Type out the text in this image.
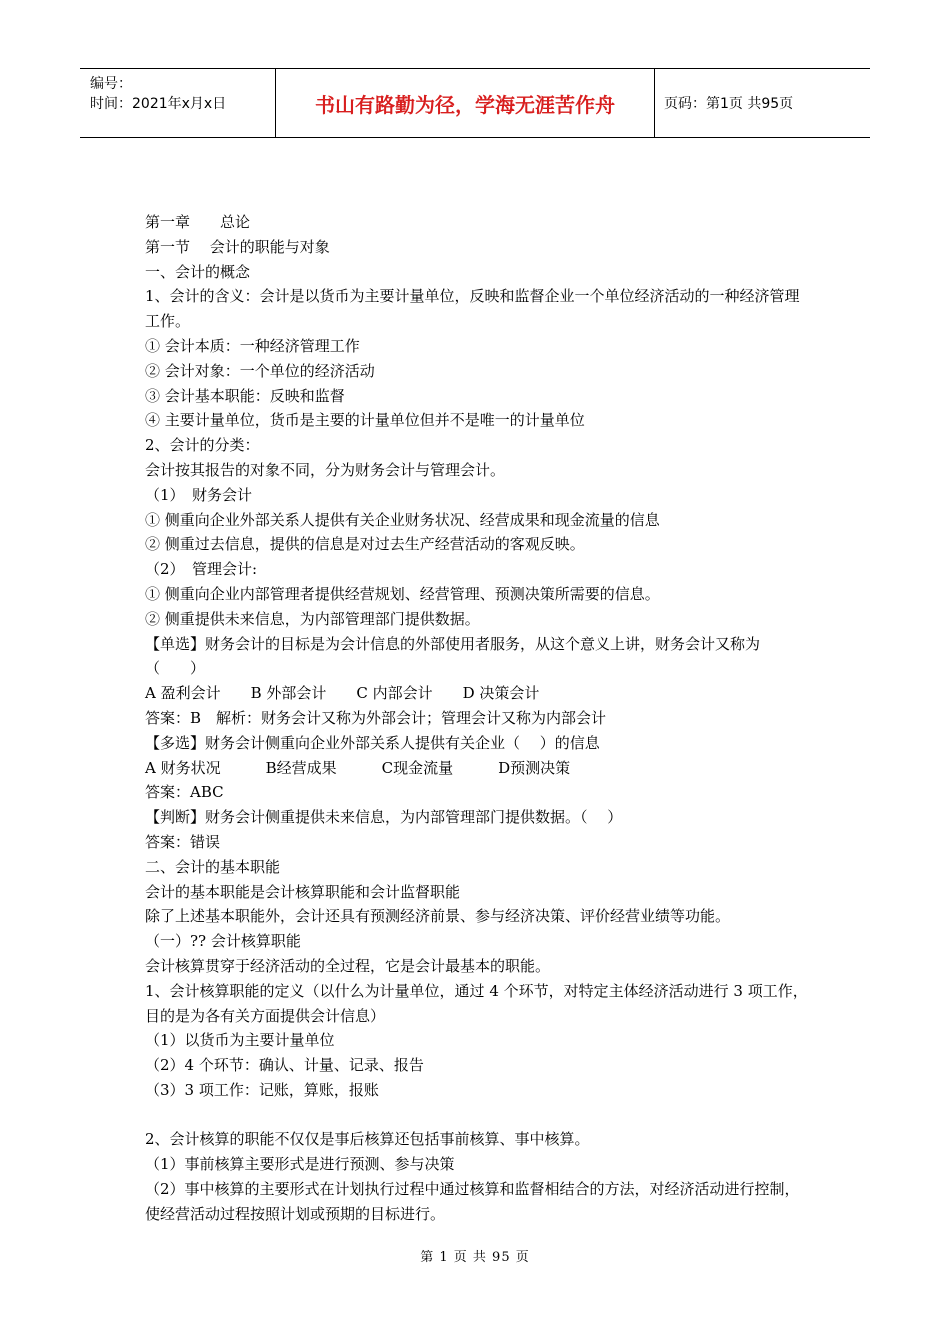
编号：
时间：2021年x月x日	书山有路勤为径，学海无涯苦作舟	页码：第1页 共95页
第一章　　总论
第一节　 会计的职能与对象
一、会计的概念
1、会计的含义：会计是以货币为主要计量单位，反映和监督企业一个单位经济活动的一种经济管理工作。
① 会计本质：一种经济管理工作
② 会计对象：一个单位的经济活动
③ 会计基本职能：反映和监督
④ 主要计量单位，货币是主要的计量单位但并不是唯一的计量单位
2、会计的分类：
会计按其报告的对象不同，分为财务会计与管理会计。
（1）　财务会计
① 侧重向企业外部关系人提供有关企业财务状况、经营成果和现金流量的信息
② 侧重过去信息，提供的信息是对过去生产经营活动的客观反映。
（2）　管理会计:
① 侧重向企业内部管理者提供经营规划、经营管理、预测决策所需要的信息。
② 侧重提供未来信息，为内部管理部门提供数据。
【单选】财务会计的目标是为会计信息的外部使用者服务，从这个意义上讲，财务会计又称为（　　）
A 盈利会计　　B 外部会计　　C 内部会计　　D 决策会计
答案：B　解析：财务会计又称为外部会计；管理会计又称为内部会计
【多选】财务会计侧重向企业外部关系人提供有关企业（　 ）的信息
A 财务状况　　　B经营成果　　　C现金流量　　　D预测决策
答案：ABC
【判断】财务会计侧重提供未来信息，为内部管理部门提供数据。（　 ）
答案：错误
二、会计的基本职能
会计的基本职能是会计核算职能和会计监督职能
除了上述基本职能外，会计还具有预测经济前景、参与经济决策、评价经营业绩等功能。
（一）?? 会计核算职能
会计核算贯穿于经济活动的全过程，它是会计最基本的职能。
1、会计核算职能的定义（以什么为计量单位，通过 4 个环节，对特定主体经济活动进行 3 项工作，目的是为各有关方面提供会计信息）
（1）以货币为主要计量单位
（2）4 个环节：确认、计量、记录、报告
（3）3 项工作：记账，算账，报账
2、会计核算的职能不仅仅是事后核算还包括事前核算、事中核算。
（1）事前核算主要形式是进行预测、参与决策
（2）事中核算的主要形式在计划执行过程中通过核算和监督相结合的方法，对经济活动进行控制，使经营活动过程按照计划或预期的目标进行。
第 1 页 共 95 页
